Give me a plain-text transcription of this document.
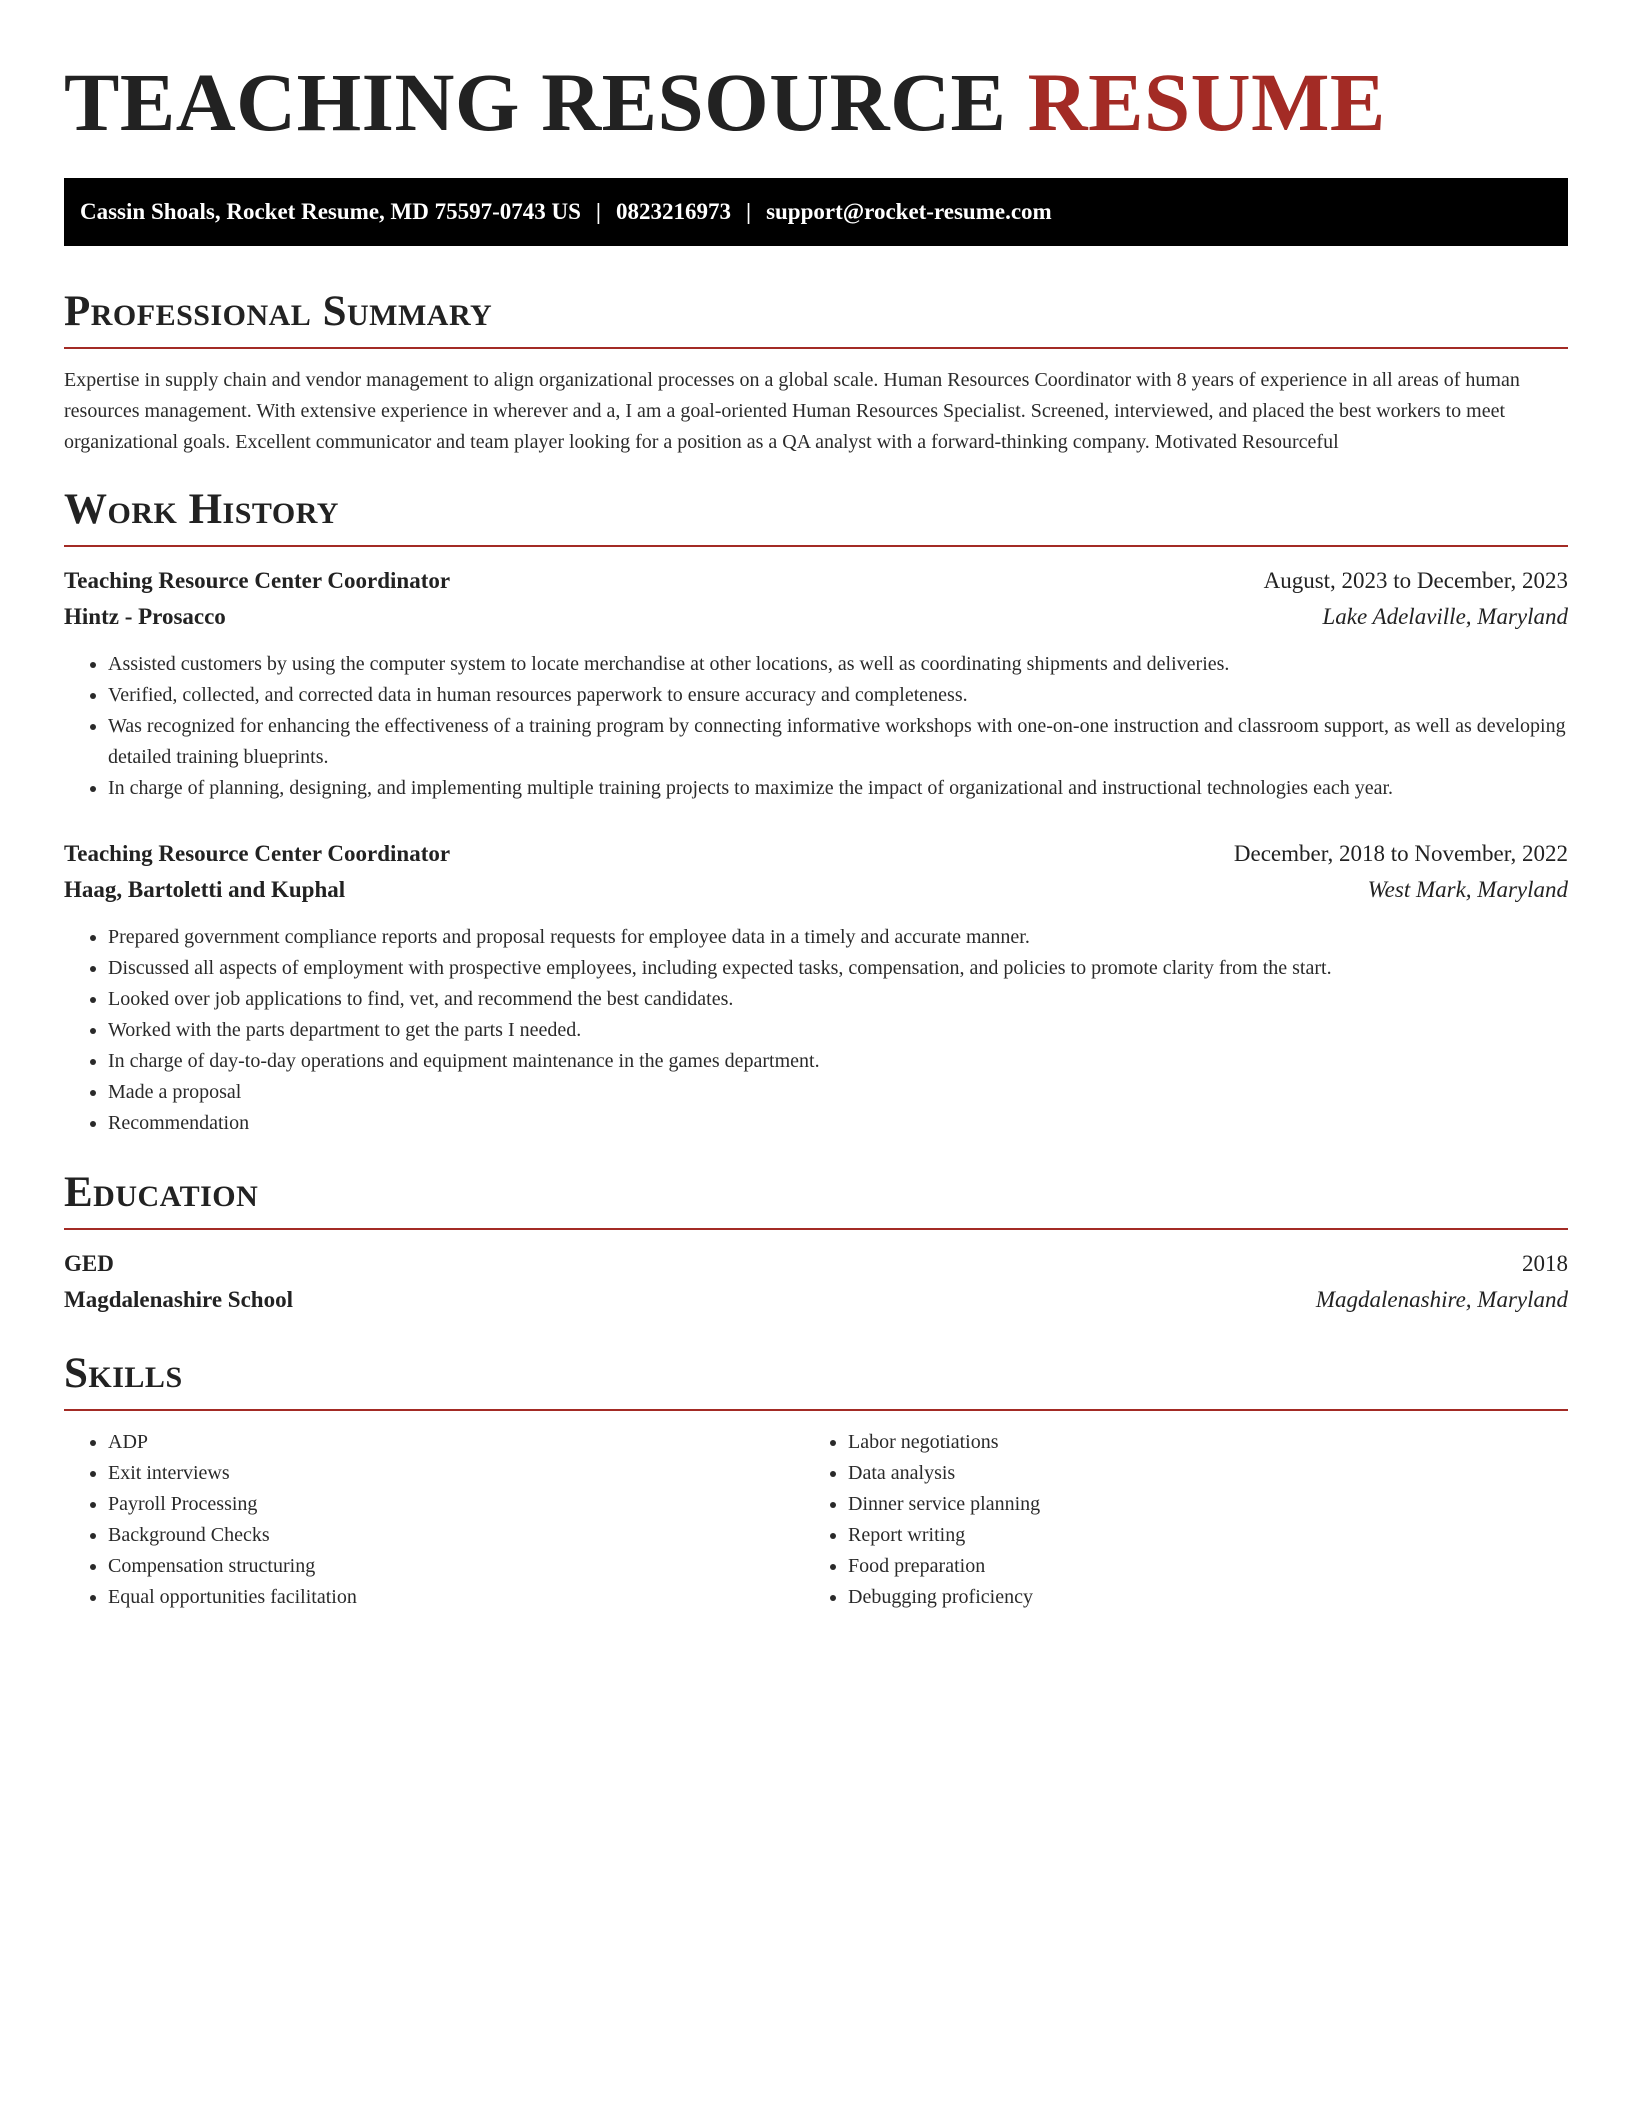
TEACHING RESOURCE RESUME
Cassin Shoals, Rocket Resume, MD 75597-0743 US | 0823216973 | support@rocket-resume.com
Professional Summary

Expertise in supply chain and vendor management to align organizational processes on a global scale. Human Resources Coordinator with 8 years of experience in all areas of human resources management. With extensive experience in wherever and a, I am a goal-oriented Human Resources Specialist. Screened, interviewed, and placed the best workers to meet organizational goals. Excellent communicator and team player looking for a position as a QA analyst with a forward-thinking company. Motivated Resourceful

Work History
Teaching Resource Center Coordinator	August, 2023 to December, 2023
Hintz - Prosacco	Lake Adelaville, Maryland
• Assisted customers by using the computer system to locate merchandise at other locations, as well as coordinating shipments and deliveries.
• Verified, collected, and corrected data in human resources paperwork to ensure accuracy and completeness.
• Was recognized for enhancing the effectiveness of a training program by connecting informative workshops with one-on-one instruction and classroom support, as well as developing detailed training blueprints.
• In charge of planning, designing, and implementing multiple training projects to maximize the impact of organizational and instructional technologies each year.
Teaching Resource Center Coordinator	December, 2018 to November, 2022
Haag, Bartoletti and Kuphal	West Mark, Maryland
• Prepared government compliance reports and proposal requests for employee data in a timely and accurate manner.
• Discussed all aspects of employment with prospective employees, including expected tasks, compensation, and policies to promote clarity from the start.
• Looked over job applications to find, vet, and recommend the best candidates.
• Worked with the parts department to get the parts I needed.
• In charge of day-to-day operations and equipment maintenance in the games department.
• Made a proposal
• Recommendation
Education
GED	2018
Magdalenashire School	Magdalenashire, Maryland
Skills
• ADP
• Exit interviews
• Payroll Processing
• Background Checks
• Compensation structuring
• Equal opportunities facilitation
• Labor negotiations
• Data analysis
• Dinner service planning
• Report writing
• Food preparation
• Debugging proficiency
